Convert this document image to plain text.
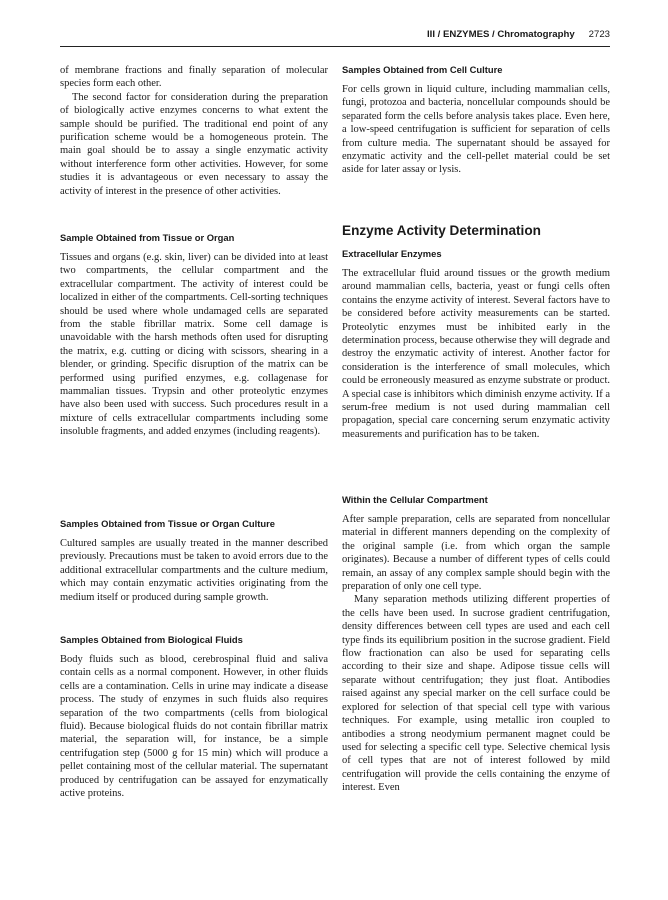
III / ENZYMES / Chromatography 2723

of membrane fractions and finally separation of molecular species form each other.

The second factor for consideration during the preparation of biologically active enzymes concerns to what extent the sample should be purified. The traditional end point of any purification scheme would be a homogeneous protein. The main goal should be to assay a single enzymatic activity without interference form other activities. However, for some studies it is advantageous or even necessary to assay the activity of interest in the presence of other activities.

Sample Obtained from Tissue or Organ

Tissues and organs (e.g. skin, liver) can be divided into at least two compartments, the cellular compartment and the extracellular compartment. The activity of interest could be localized in either of the compartments. Cell-sorting techniques should be used where whole undamaged cells are separated from the stable fibrillar matrix. Some cell damage is unavoidable with the harsh methods often used for disrupting the matrix, e.g. cutting or dicing with scissors, shearing in a blender, or grinding. Specific disruption of the matrix can be performed using purified enzymes, e.g. collagenase for mammalian tissues. Trypsin and other proteolytic enzymes have also been used with success. Such procedures result in a mixture of cells extracellular compartments including some insoluble fragments, and added enzymes (including reagents).

Samples Obtained from Tissue or Organ Culture

Cultured samples are usually treated in the manner described previously. Precautions must be taken to avoid errors due to the additional extracellular compartments and the culture medium, which may contain enzymatic activities originating from the medium itself or produced during sample growth.

Samples Obtained from Biological Fluids

Body fluids such as blood, cerebrospinal fluid and saliva contain cells as a normal component. However, in other fluids cells are a contamination. Cells in urine may indicate a disease process. The study of enzymes in such fluids also requires separation of the two compartments (cells from biological fluid). Because biological fluids do not contain fibrillar matrix material, the separation will, for instance, be a simple centrifugation step (5000 g for 15 min) which will produce a pellet containing most of the cellular material. The supernatant produced by centrifugation can be assayed for enzymatically active proteins.

Samples Obtained from Cell Culture

For cells grown in liquid culture, including mammalian cells, fungi, protozoa and bacteria, noncellular compounds should be separated form the cells before analysis takes place. Even here, a low-speed centrifugation is sufficient for separation of cells from culture media. The supernatant should be assayed for enzymatic activity and the cell-pellet material could be set aside for later assay or lysis.

Enzyme Activity Determination
Extracellular Enzymes

The extracellular fluid around tissues or the growth medium around mammalian cells, bacteria, yeast or fungi cells often contains the enzyme activity of interest. Several factors have to be considered before activity measurements can be started. Proteolytic enzymes must be inhibited early in the determination process, because otherwise they will degrade and destroy the enzymatic activity of interest. Another factor for consideration is the interference of small molecules, which could be erroneously measured as enzyme substrate or product. A special case is inhibitors which diminish enzyme activity. If a serum-free medium is not used during mammalian cell propagation, special care concerning serum enzymatic activity measurements and purification has to be taken.

Within the Cellular Compartment

After sample preparation, cells are separated from noncellular material in different manners depending on the complexity of the original sample (i.e. from which organ the sample originates). Because a number of different types of cells could remain, an assay of any complex sample should begin with the preparation of only one cell type.

Many separation methods utilizing different properties of the cells have been used. In sucrose gradient centrifugation, density differences between cell types are used and each cell type finds its equilibrium position in the sucrose gradient. Field flow fractionation can also be used for separating cells according to their size and shape. Adipose tissue cells will separate without centrifugation; they just float. Antibodies raised against any special marker on the cell surface could be explored for selection of that special cell type with various techniques. For example, using metallic iron coupled to antibodies a strong neodymium permanent magnet could be used for selecting a specific cell type. Selective chemical lysis of cell types that are not of interest followed by mild centrifugation will provide the cells containing the enzyme of interest. Even
